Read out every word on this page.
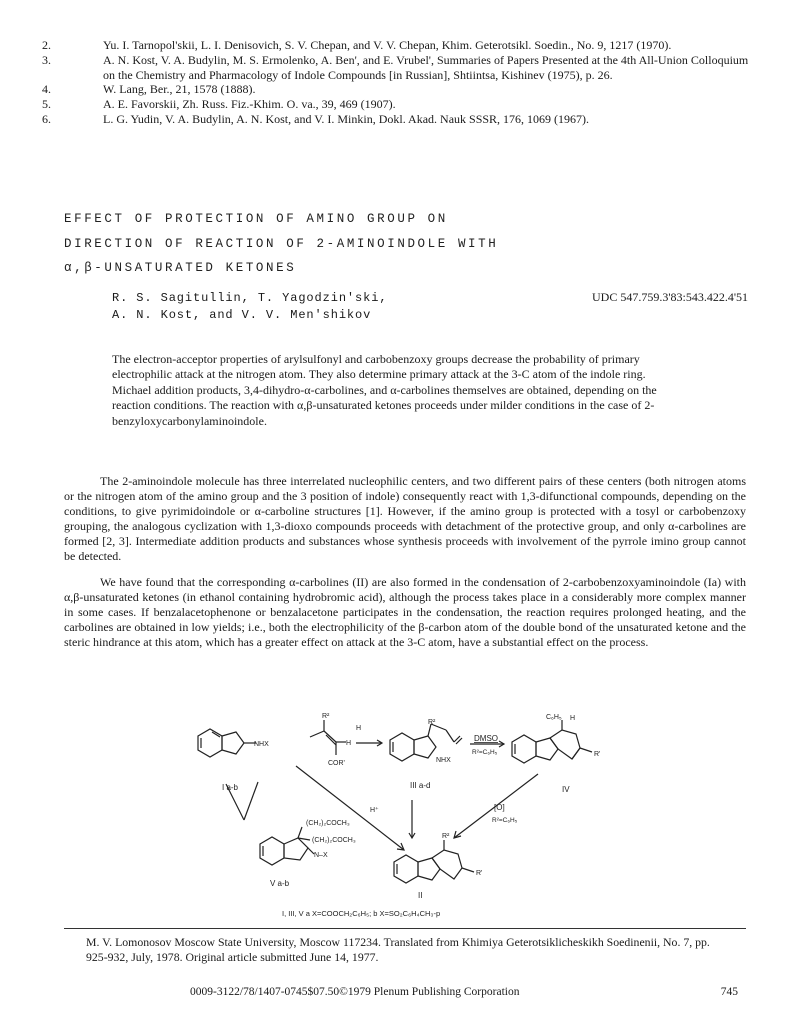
2.	Yu. I. Tarnopol'skii, L. I. Denisovich, S. V. Chepan, and V. V. Chepan, Khim. Geterotsikl. Soedin., No. 9, 1217 (1970).
3.	A. N. Kost, V. A. Budylin, M. S. Ermolenko, A. Ben', and E. Vrubel', Summaries of Papers Presented at the 4th All-Union Colloquium on the Chemistry and Pharmacology of Indole Compounds [in Russian], Shtiintsa, Kishinev (1975), p. 26.
4.	W. Lang, Ber., 21, 1578 (1888).
5.	A. E. Favorskii, Zh. Russ. Fiz.-Khim. O. va., 39, 469 (1907).
6.	L. G. Yudin, V. A. Budylin, A. N. Kost, and V. I. Minkin, Dokl. Akad. Nauk SSSR, 176, 1069 (1967).
EFFECT OF PROTECTION OF AMINO GROUP ON
DIRECTION OF REACTION OF 2-AMINOINDOLE WITH
α,β-UNSATURATED KETONES
R. S. Sagitullin, T. Yagodzin'ski,
A. N. Kost, and V. V. Men'shikov
UDC 547.759.3'83:543.422.4'51
The electron-acceptor properties of arylsulfonyl and carbobenzoxy groups decrease the probability of primary electrophilic attack at the nitrogen atom. They also determine primary attack at the 3-C atom of the indole ring. Michael addition products, 3,4-dihydro-α-carbolines, and α-carbolines themselves are obtained, depending on the reaction conditions. The reaction with α,β-unsaturated ketones proceeds under milder conditions in the case of 2-benzyloxycarbonylaminoindole.

The 2-aminoindole molecule has three interrelated nucleophilic centers, and two different pairs of these centers (both nitrogen atoms or the nitrogen atom of the amino group and the 3 position of indole) consequently react with 1,3-difunctional compounds, depending on the conditions, to give pyrimidoindole or α-carboline structures [1]. However, if the amino group is protected with a tosyl or carbobenzoxy grouping, the analogous cyclization with 1,3-dioxo compounds proceeds with detachment of the protective group, and only α-carbolines are formed [2, 3]. Intermediate addition products and substances whose synthesis proceeds with involvement of the pyrrole imino group cannot be detected.

We have found that the corresponding α-carbolines (II) are also formed in the condensation of 2-carbobenzoxyaminoindole (Ia) with α,β-unsaturated ketones (in ethanol containing hydrobromic acid), although the process takes place in a considerably more complex manner in some cases. If benzalacetophenone or benzalacetone participates in the condensation, the reaction requires prolonged heating, and the carbolines are obtained in low yields; i.e., both the electrophilicity of the β-carbon atom of the double bond of the unsaturated ketone and the steric hindrance at this atom, which has a greater effect on attack at the 3-C atom, have a substantial effect on the process.

H
R²
H
COR'
I a-b
NHX
III a-d
NHX
R²
DMSO
R²=C₆H₅
C₆H₅ H
R'
IV
H⁺	[O]
R²=C₆H₅
(CH₂)₂COCH₃
(CH₂)₂COCH₃
N–X
V a-b
R²
R'
II
I, III, V a X=COOCH₂C₆H₅; b X=SO₂C₆H₄CH₃-p
M. V. Lomonosov Moscow State University, Moscow 117234. Translated from Khimiya Geterotsiklicheskikh Soedinenii, No. 7, pp. 925-932, July, 1978. Original article submitted June 14, 1977.
0009-3122/78/1407-0745$07.50©1979 Plenum Publishing Corporation	745
